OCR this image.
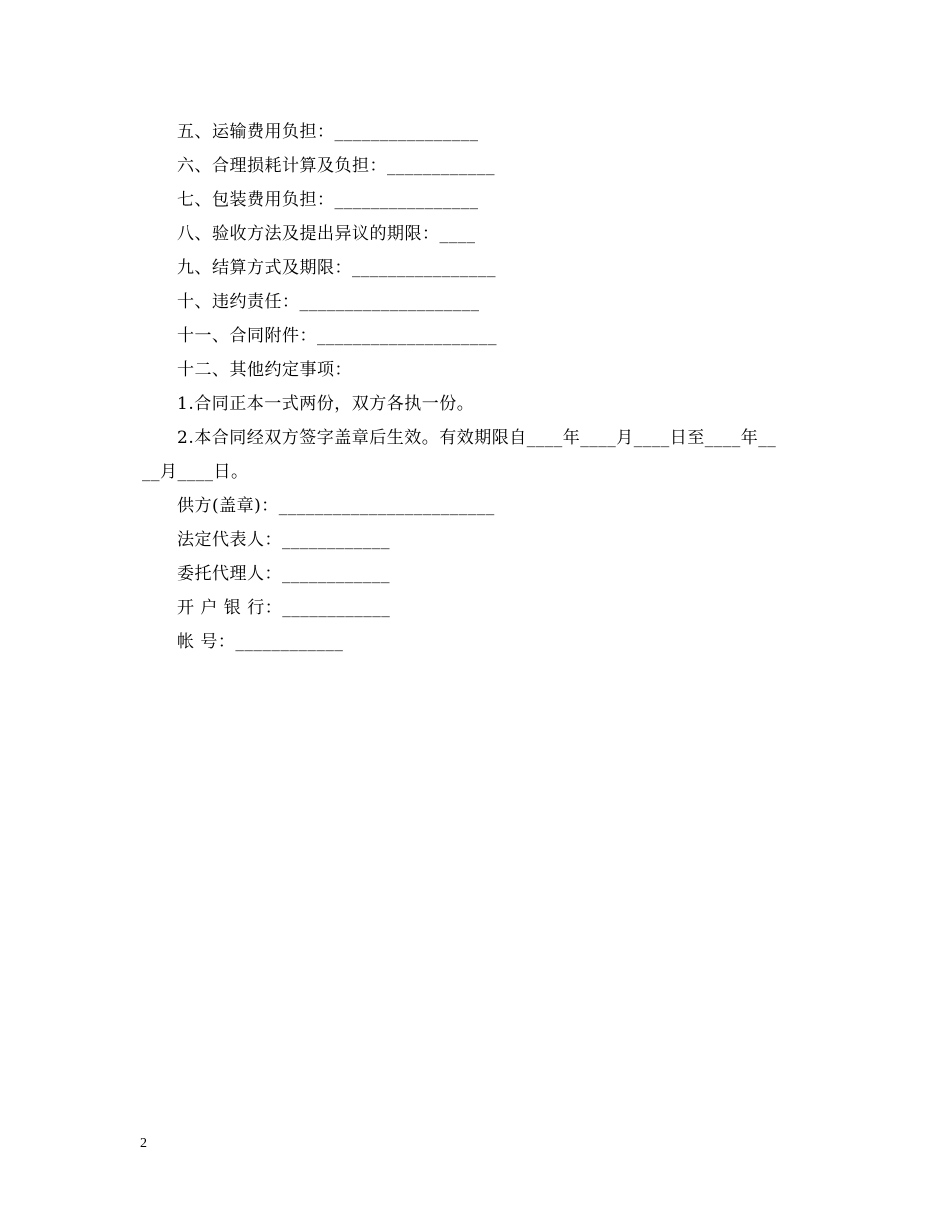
五、运输费用负担：________________
六、合理损耗计算及负担：____________
七、包装费用负担：________________
八、验收方法及提出异议的期限：____
九、结算方式及期限：________________
十、违约责任：____________________
十一、合同附件：____________________
十二、其他约定事项：
1.合同正本一式两份，双方各执一份。
2.本合同经双方签字盖章后生效。有效期限自____年____月____日至____年__
__月____日。
供方(盖章)：________________________
法定代表人：____________
委托代理人：____________
开 户 银 行：____________
帐 号：____________
2
